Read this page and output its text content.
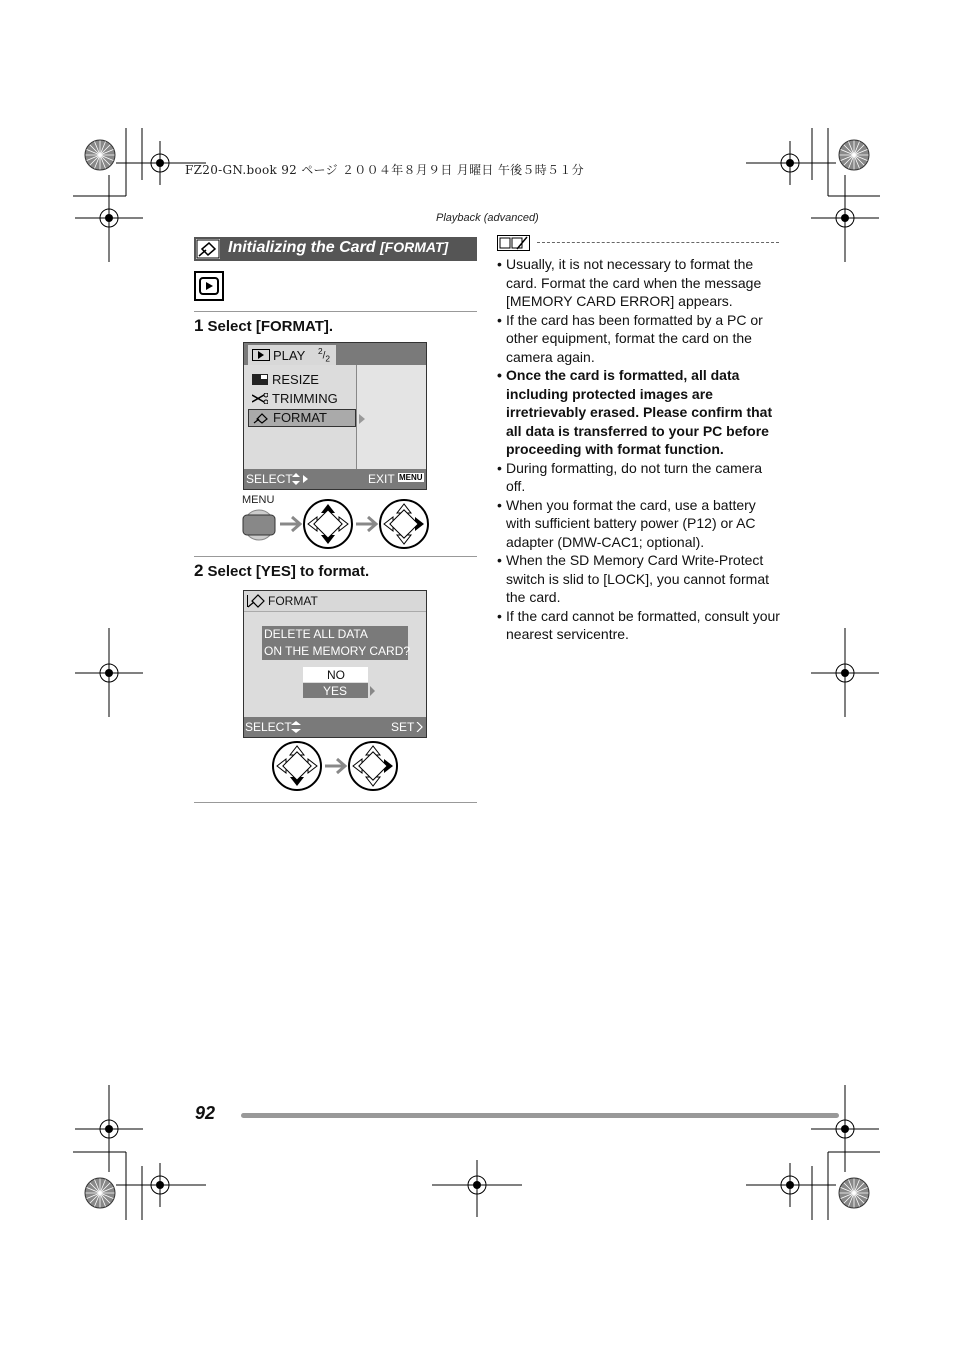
FZ20-GN.book 92 ページ ２００４年８月９日 月曜日 午後５時５１分
Playback (advanced)
Initializing the Card [FORMAT]
1 Select [FORMAT].
PLAY $^2/_2$
RESIZE
TRIMMING
FORMAT
SELECT	EXIT MENU
MENU
2 Select [YES] to format.
FORMAT
DELETE ALL DATA
ON THE MEMORY CARD?
NO
YES
SELECT	SET
• Usually, it is not necessary to format the card. Format the card when the message [MEMORY CARD ERROR] appears.
• If the card has been formatted by a PC or other equipment, format the card on the camera again.
• Once the card is formatted, all data including protected images are irretrievably erased. Please confirm that all data is transferred to your PC before proceeding with format function.
• During formatting, do not turn the camera off.
• When you format the card, use a battery with sufficient battery power (P12) or AC adapter (DMW-CAC1; optional).
• When the SD Memory Card Write-Protect switch is slid to [LOCK], you cannot format the card.
• If the card cannot be formatted, consult your nearest servicentre.
92
